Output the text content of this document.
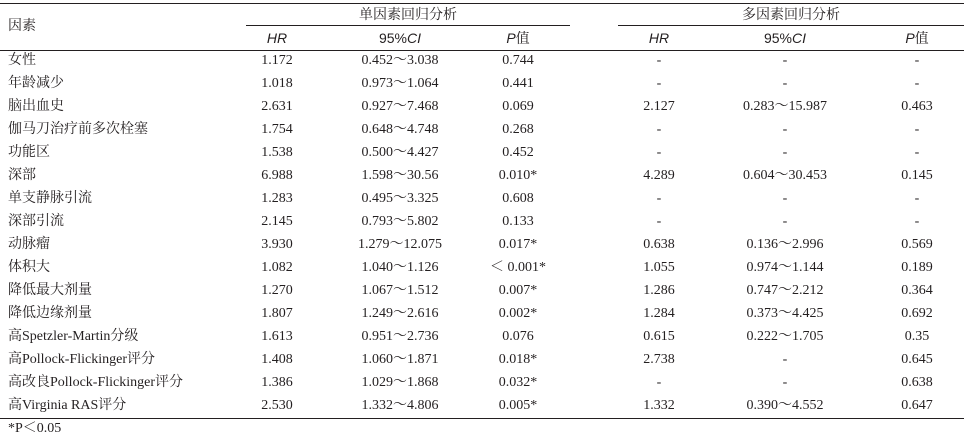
因素
单因素回归分析	多因素回归分析
HR	95%CI	P值	HR	95%CI	P值
女性	1.172	0.452～3.038	0.744	-	-	-
年龄减少	1.018	0.973～1.064	0.441	-	-	-
脑出血史	2.631	0.927～7.468	0.069	2.127	0.283～15.987	0.463
伽马刀治疗前多次栓塞	1.754	0.648～4.748	0.268	-	-	-
功能区	1.538	0.500～4.427	0.452	-	-	-
深部	6.988	1.598～30.56	0.010*	4.289	0.604～30.453	0.145
单支静脉引流	1.283	0.495～3.325	0.608	-	-	-
深部引流	2.145	0.793～5.802	0.133	-	-	-
动脉瘤	3.930	1.279～12.075	0.017*	0.638	0.136～2.996	0.569
体积大	1.082	1.040～1.126	＜ 0.001*	1.055	0.974～1.144	0.189
降低最大剂量	1.270	1.067～1.512	0.007*	1.286	0.747～2.212	0.364
降低边缘剂量	1.807	1.249～2.616	0.002*	1.284	0.373～4.425	0.692
高Spetzler-Martin分级	1.613	0.951～2.736	0.076	0.615	0.222～1.705	0.35
高Pollock-Flickinger评分	1.408	1.060～1.871	0.018*	2.738	-	0.645
高改良Pollock-Flickinger评分	1.386	1.029～1.868	0.032*	-	-	0.638
高Virginia RAS评分	2.530	1.332～4.806	0.005*	1.332	0.390～4.552	0.647
*P＜0.05
